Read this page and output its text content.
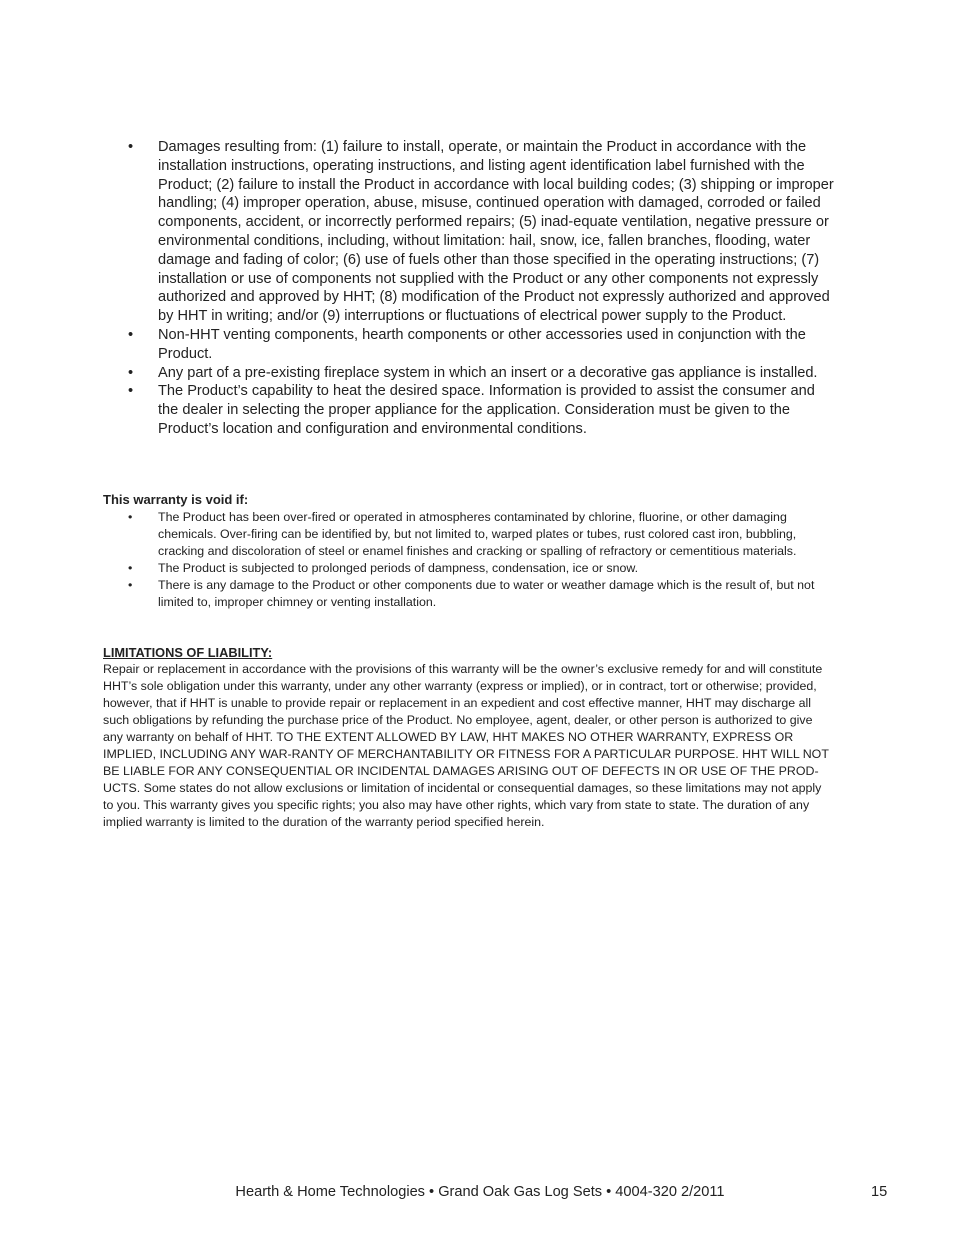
• Damages resulting from: (1) failure to install, operate, or maintain the Product in accordance with the installation instructions, operating instructions, and listing agent identification label furnished with the Product; (2) failure to install the Product in accordance with local building codes; (3) shipping or improper handling; (4) improper operation, abuse, misuse, continued operation with damaged, corroded or failed components, accident, or incorrectly performed repairs; (5) inad-equate ventilation, negative pressure or environmental conditions, including, without limitation: hail, snow, ice, fallen branches, flooding, water damage and fading of color; (6) use of fuels other than those specified in the operating instructions; (7) installation or use of components not supplied with the Product or any other components not expressly authorized and approved by HHT; (8) modification of the Product not expressly authorized and approved by HHT in writing; and/or (9) interruptions or fluctuations of electrical power supply to the Product.
• Non-HHT venting components, hearth components or other accessories used in conjunction with the Product.
• Any part of a pre-existing fireplace system in which an insert or a decorative gas appliance is installed.
• The Product’s capability to heat the desired space. Information is provided to assist the consumer and the dealer in selecting the proper appliance for the application. Consideration must be given to the Product’s location and configuration and environmental conditions.

This warranty is void if:

• The Product has been over-fired or operated in atmospheres contaminated by chlorine, fluorine, or other damaging chemicals. Over-firing can be identified by, but not limited to, warped plates or tubes, rust colored cast iron, bubbling, cracking and discoloration of steel or enamel finishes and cracking or spalling of refractory or cementitious materials.
• The Product is subjected to prolonged periods of dampness, condensation, ice or snow.
• There is any damage to the Product or other components due to water or weather damage which is the result of, but not limited to, improper chimney or venting installation.

LIMITATIONS OF LIABILITY:

Repair or replacement in accordance with the provisions of this warranty will be the owner’s exclusive remedy for and will constitute HHT’s sole obligation under this warranty, under any other warranty (express or implied), or in contract, tort or otherwise; provided, however, that if HHT is unable to provide repair or replacement in an expedient and cost effective manner, HHT may discharge all such obligations by refunding the purchase price of the Product. No employee, agent, dealer, or other person is authorized to give any warranty on behalf of HHT. TO THE EXTENT ALLOWED BY LAW, HHT MAKES NO OTHER WARRANTY, EXPRESS OR IMPLIED, INCLUDING ANY WAR-RANTY OF MERCHANTABILITY OR FITNESS FOR A PARTICULAR PURPOSE. HHT WILL NOT BE LIABLE FOR ANY CONSEQUENTIAL OR INCIDENTAL DAMAGES ARISING OUT OF DEFECTS IN OR USE OF THE PROD-UCTS. Some states do not allow exclusions or limitation of incidental or consequential damages, so these limitations may not apply to you. This warranty gives you specific rights; you also may have other rights, which vary from state to state. The duration of any implied warranty is limited to the duration of the warranty period specified herein.

Hearth & Home Technologies • Grand Oak Gas Log Sets • 4004-320 2/2011	15
